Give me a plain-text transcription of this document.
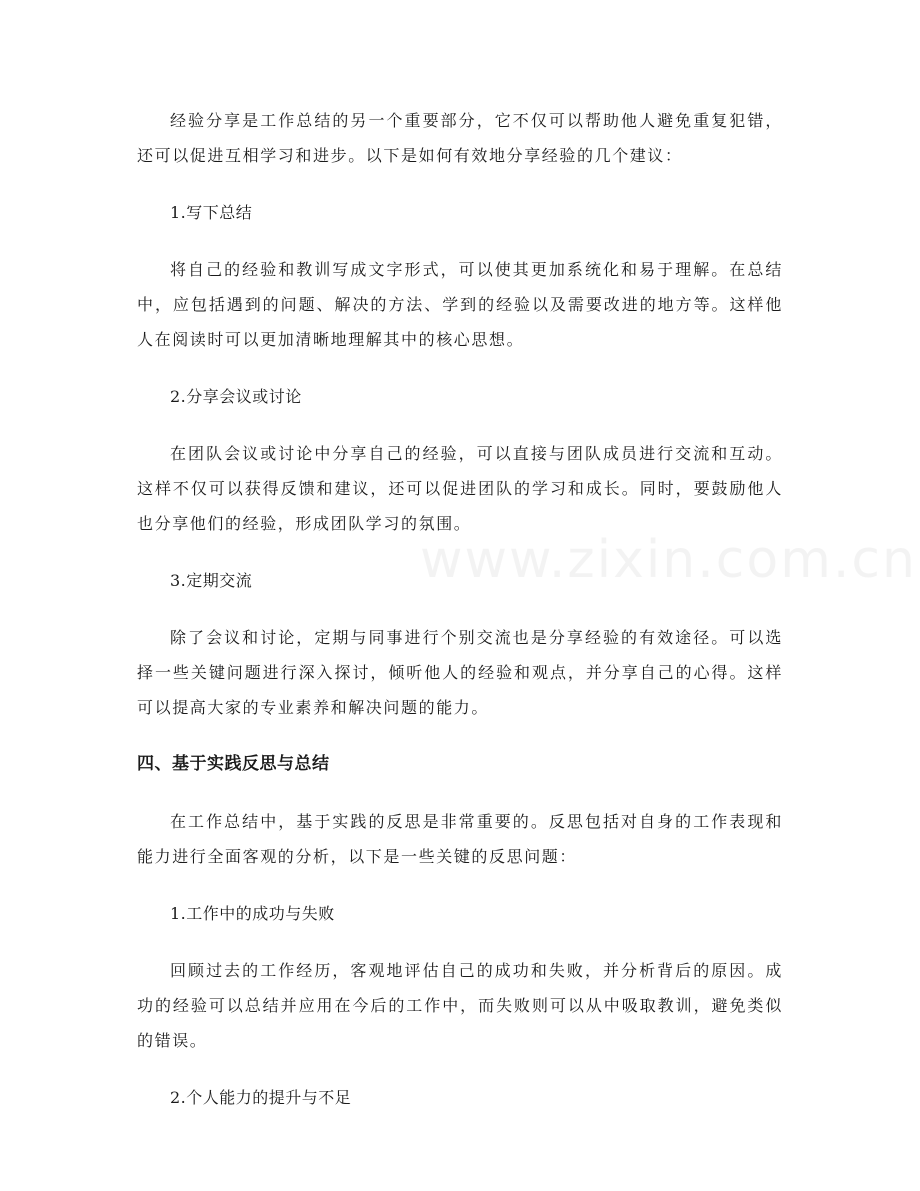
www.zixin.com.cn

经验分享是工作总结的另一个重要部分，它不仅可以帮助他人避免重复犯错，还可以促进互相学习和进步。以下是如何有效地分享经验的几个建议：

1.写下总结

将自己的经验和教训写成文字形式，可以使其更加系统化和易于理解。在总结中，应包括遇到的问题、解决的方法、学到的经验以及需要改进的地方等。这样他人在阅读时可以更加清晰地理解其中的核心思想。

2.分享会议或讨论

在团队会议或讨论中分享自己的经验，可以直接与团队成员进行交流和互动。这样不仅可以获得反馈和建议，还可以促进团队的学习和成长。同时，要鼓励他人也分享他们的经验，形成团队学习的氛围。

3.定期交流

除了会议和讨论，定期与同事进行个别交流也是分享经验的有效途径。可以选择一些关键问题进行深入探讨，倾听他人的经验和观点，并分享自己的心得。这样可以提高大家的专业素养和解决问题的能力。

四、基于实践反思与总结

在工作总结中，基于实践的反思是非常重要的。反思包括对自身的工作表现和能力进行全面客观的分析，以下是一些关键的反思问题：

1.工作中的成功与失败

回顾过去的工作经历，客观地评估自己的成功和失败，并分析背后的原因。成功的经验可以总结并应用在今后的工作中，而失败则可以从中吸取教训，避免类似的错误。

2.个人能力的提升与不足
